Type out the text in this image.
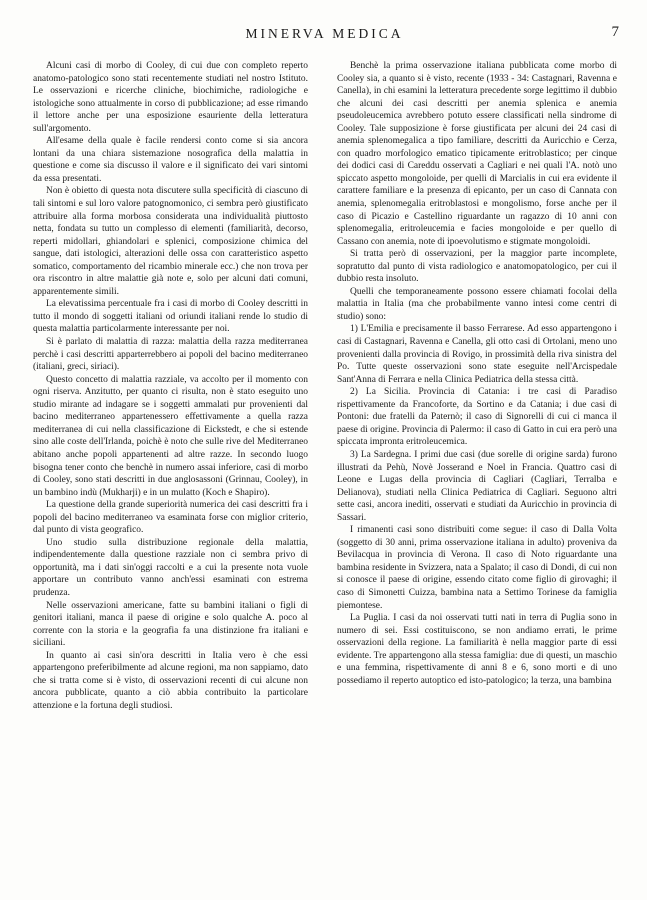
MINERVA MEDICA	7

Alcuni casi di morbo di Cooley, di cui due con completo reperto anatomo-patologico sono stati recentemente studiati nel nostro Istituto. Le osservazioni e ricerche cliniche, biochimiche, radiologiche e istologiche sono attualmente in corso di pubblicazione; ad esse rimando il lettore anche per una esposizione esauriente della letteratura sull'argomento.

All'esame della quale è facile rendersi conto come si sia ancora lontani da una chiara sistemazione nosografica della malattia in questione e come sia discusso il valore e il significato dei vari sintomi da essa presentati.

Non è obietto di questa nota discutere sulla specificità di ciascuno di tali sintomi e sul loro valore patognomonico, ci sembra però giustificato attribuire alla forma morbosa considerata una individualità piuttosto netta, fondata su tutto un complesso di elementi (familiarità, decorso, reperti midollari, ghiandolari e splenici, composizione chimica del sangue, dati istologici, alterazioni delle ossa con caratteristico aspetto somatico, comportamento del ricambio minerale ecc.) che non trova per ora riscontro in altre malattie già note e, solo per alcuni dati comuni, apparentemente simili.

La elevatissima percentuale fra i casi di morbo di Cooley descritti in tutto il mondo di soggetti italiani od oriundi italiani rende lo studio di questa malattia particolarmente interessante per noi.

Si è parlato di malattia di razza: malattia della razza mediterranea perchè i casi descritti apparterrebbero ai popoli del bacino mediterraneo (italiani, greci, siriaci).

Questo concetto di malattia razziale, va accolto per il momento con ogni riserva. Anzitutto, per quanto ci risulta, non è stato eseguito uno studio mirante ad indagare se i soggetti ammalati pur provenienti dal bacino mediterraneo appartenessero effettivamente a quella razza mediterranea di cui nella classificazione di Eickstedt, e che si estende sino alle coste dell'Irlanda, poichè è noto che sulle rive del Mediterraneo abitano anche popoli appartenenti ad altre razze. In secondo luogo bisogna tener conto che benchè in numero assai inferiore, casi di morbo di Cooley, sono stati descritti in due anglosassoni (Grinnau, Cooley), in un bambino indù (Mukharji) e in un mulatto (Koch e Shapiro).

La questione della grande superiorità numerica dei casi descritti fra i popoli del bacino mediterraneo va esaminata forse con miglior criterio, dal punto di vista geografico.

Uno studio sulla distribuzione regionale della malattia, indipendentemente dalla questione razziale non ci sembra privo di opportunità, ma i dati sin'oggi raccolti e a cui la presente nota vuole apportare un contributo vanno anch'essi esaminati con estrema prudenza.

Nelle osservazioni americane, fatte su bambini italiani o figli di genitori italiani, manca il paese di origine e solo qualche A. poco al corrente con la storia e la geografia fa una distinzione fra italiani e siciliani.

In quanto ai casi sin'ora descritti in Italia vero è che essi appartengono preferibilmente ad alcune regioni, ma non sappiamo, dato che si tratta come si è visto, di osservazioni recenti di cui alcune non ancora pubblicate, quanto a ciò abbia contribuito la particolare attenzione e la fortuna degli studiosi.

Benchè la prima osservazione italiana pubblicata come morbo di Cooley sia, a quanto si è visto, recente (1933 - 34: Castagnari, Ravenna e Canella), in chi esamini la letteratura precedente sorge legittimo il dubbio che alcuni dei casi descritti per anemia splenica e anemia pseudoleucemica avrebbero potuto essere classificati nella sindrome di Cooley. Tale supposizione è forse giustificata per alcuni dei 24 casi di anemia splenomegalica a tipo familiare, descritti da Auricchio e Cerza, con quadro morfologico ematico tipicamente eritroblastico; per cinque dei dodici casi di Careddu osservati a Cagliari e nei quali l'A. notò uno spiccato aspetto mongoloide, per quelli di Marcialis in cui era evidente il carattere familiare e la presenza di epicanto, per un caso di Cannata con anemia, splenomegalia eritroblastosi e mongolismo, forse anche per il caso di Picazio e Castellino riguardante un ragazzo di 10 anni con splenomegalia, eritroleucemia e facies mongoloide e per quello di Cassano con anemia, note di ipoevolutismo e stigmate mongoloidi.

Si tratta però di osservazioni, per la maggior parte incomplete, sopratutto dal punto di vista radiologico e anatomopatologico, per cui il dubbio resta insoluto.

Quelli che temporaneamente possono essere chiamati focolai della malattia in Italia (ma che probabilmente vanno intesi come centri di studio) sono:

1) L'Emilia e precisamente il basso Ferrarese. Ad esso appartengono i casi di Castagnari, Ravenna e Canella, gli otto casi di Ortolani, meno uno provenienti dalla provincia di Rovigo, in prossimità della riva sinistra del Po. Tutte queste osservazioni sono state eseguite nell'Arcispedale Sant'Anna di Ferrara e nella Clinica Pediatrica della stessa città.

2) La Sicilia. Provincia di Catania: i tre casi di Paradiso rispettivamente da Francoforte, da Sortino e da Catania; i due casi di Pontoni: due fratelli da Paternò; il caso di Signorelli di cui ci manca il paese di origine. Provincia di Palermo: il caso di Gatto in cui era però una spiccata impronta eritroleucemica.

3) La Sardegna. I primi due casi (due sorelle di origine sarda) furono illustrati da Pehù, Novè Josserand e Noel in Francia. Quattro casi di Leone e Lugas della provincia di Cagliari (Cagliari, Terralba e Delianova), studiati nella Clinica Pediatrica di Cagliari. Seguono altri sette casi, ancora inediti, osservati e studiati da Auricchio in provincia di Sassari.

I rimanenti casi sono distribuiti come segue: il caso di Dalla Volta (soggetto di 30 anni, prima osservazione italiana in adulto) proveniva da Bevilacqua in provincia di Verona. Il caso di Noto riguardante una bambina residente in Svizzera, nata a Spalato; il caso di Dondi, di cui non si conosce il paese di origine, essendo citato come figlio di girovaghi; il caso di Simonetti Cuizza, bambina nata a Settimo Torinese da famiglia piemontese.

La Puglia. I casi da noi osservati tutti nati in terra di Puglia sono in numero di sei. Essi costituiscono, se non andiamo errati, le prime osservazioni della regione. La familiarità è nella maggior parte di essi evidente. Tre appartengono alla stessa famiglia: due di questi, un maschio e una femmina, rispettivamente di anni 8 e 6, sono morti e di uno possediamo il reperto autoptico ed isto-patologico; la terza, una bambina
